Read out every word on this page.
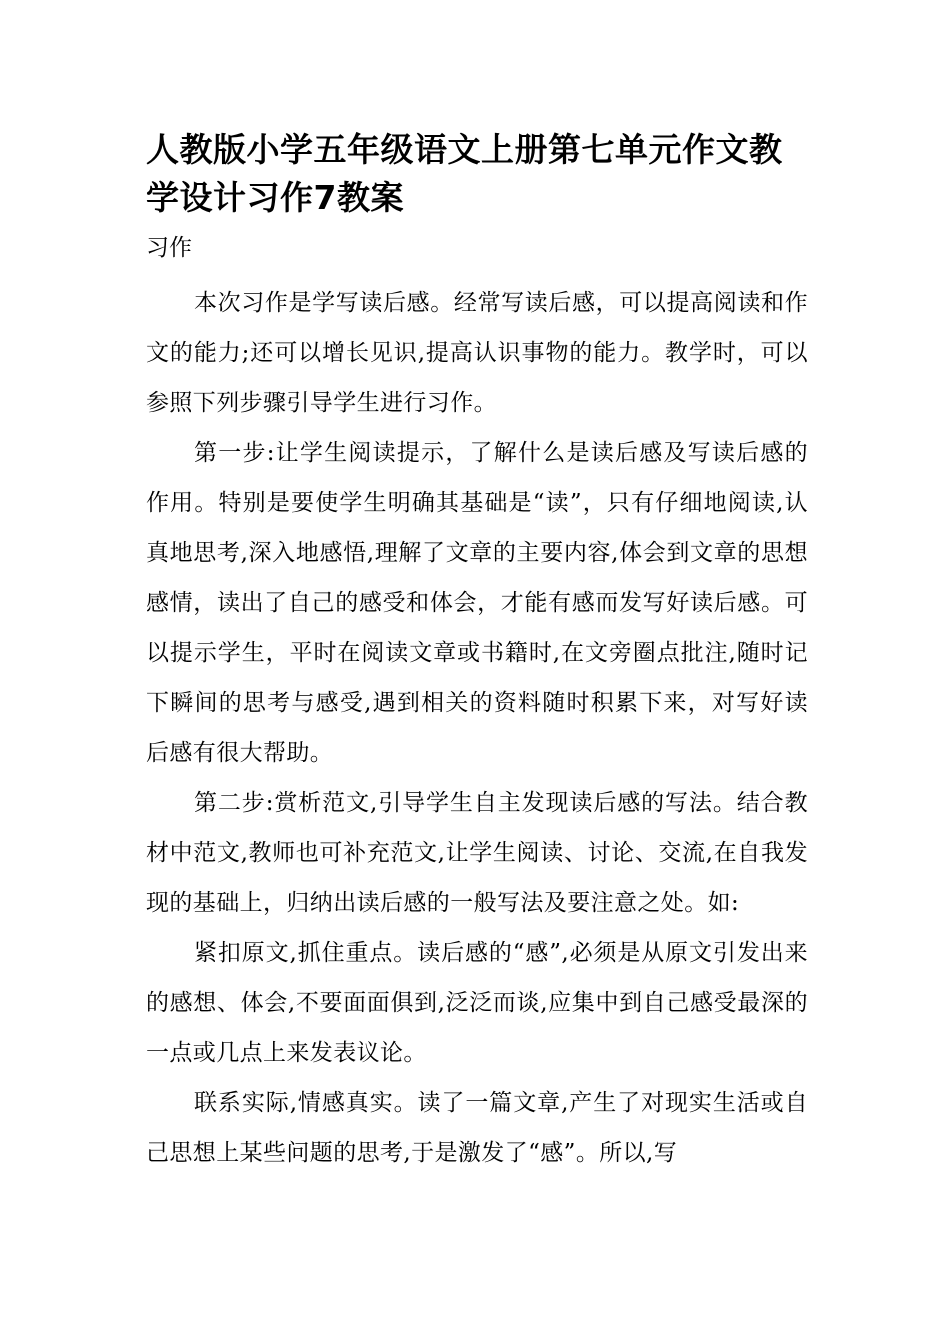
人教版小学五年级语文上册第七单元作文教学设计习作7教案
习作

本次习作是学写读后感。经常写读后感，可以提高阅读和作文的能力;还可以增长见识,提高认识事物的能力。教学时，可以参照下列步骤引导学生进行习作。

第一步:让学生阅读提示，了解什么是读后感及写读后感的作用。特别是要使学生明确其基础是“读”，只有仔细地阅读,认真地思考,深入地感悟,理解了文章的主要内容,体会到文章的思想感情，读出了自己的感受和体会，才能有感而发写好读后感。可以提示学生，平时在阅读文章或书籍时,在文旁圈点批注,随时记下瞬间的思考与感受,遇到相关的资料随时积累下来，对写好读后感有很大帮助。

第二步:赏析范文,引导学生自主发现读后感的写法。结合教材中范文,教师也可补充范文,让学生阅读、讨论、交流,在自我发现的基础上，归纳出读后感的一般写法及要注意之处。如:

紧扣原文,抓住重点。读后感的“感”,必须是从原文引发出来的感想、体会,不要面面俱到,泛泛而谈,应集中到自己感受最深的一点或几点上来发表议论。

联系实际,情感真实。读了一篇文章,产生了对现实生活或自己思想上某些问题的思考,于是激发了“感”。所以,写
